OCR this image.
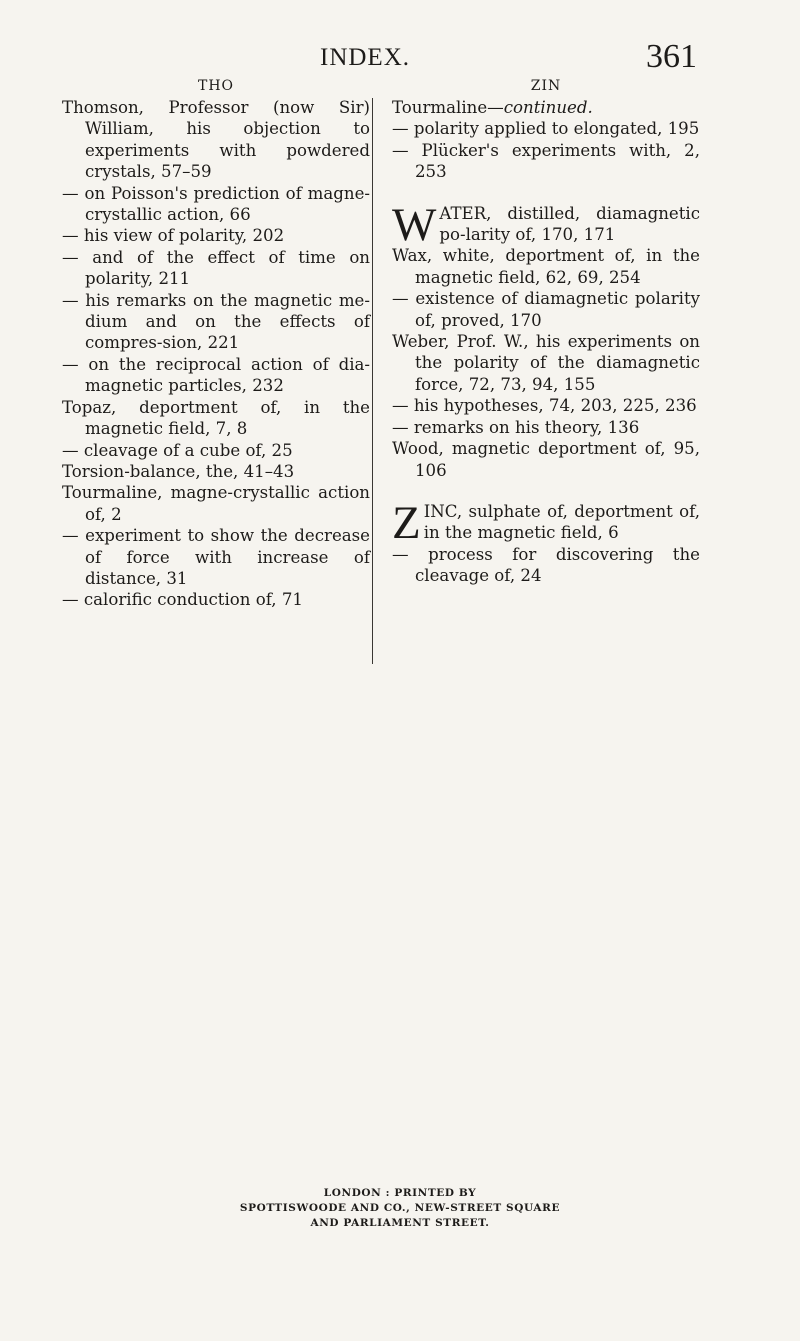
INDEX.	361
THO

Thomson, Professor (now Sir) William, his objection to experiments with powdered crystals, 57–59

— on Poisson's prediction of magne-crystallic action, 66

— his view of polarity, 202

— and of the effect of time on polarity, 211

— his remarks on the magnetic me-dium and on the effects of compres-sion, 221

— on the reciprocal action of dia-magnetic particles, 232

Topaz, deportment of, in the magnetic field, 7, 8

— cleavage of a cube of, 25

Torsion-balance, the, 41–43

Tourmaline, magne-crystallic action of, 2

— experiment to show the decrease of force with increase of distance, 31

— calorific conduction of, 71

ZIN

Tourmaline—continued.

— polarity applied to elongated, 195

— Plücker's experiments with, 2, 253

WATER, distilled, diamagnetic po-larity of, 170, 171

Wax, white, deportment of, in the magnetic field, 62, 69, 254

— existence of diamagnetic polarity of, proved, 170

Weber, Prof. W., his experiments on the polarity of the diamagnetic force, 72, 73, 94, 155

— his hypotheses, 74, 203, 225, 236

— remarks on his theory, 136

Wood, magnetic deportment of, 95, 106

ZINC, sulphate of, deportment of, in the magnetic field, 6

— process for discovering the cleavage of, 24

LONDON : PRINTED BY
SPOTTISWOODE AND CO., NEW-STREET SQUARE
AND PARLIAMENT STREET.
